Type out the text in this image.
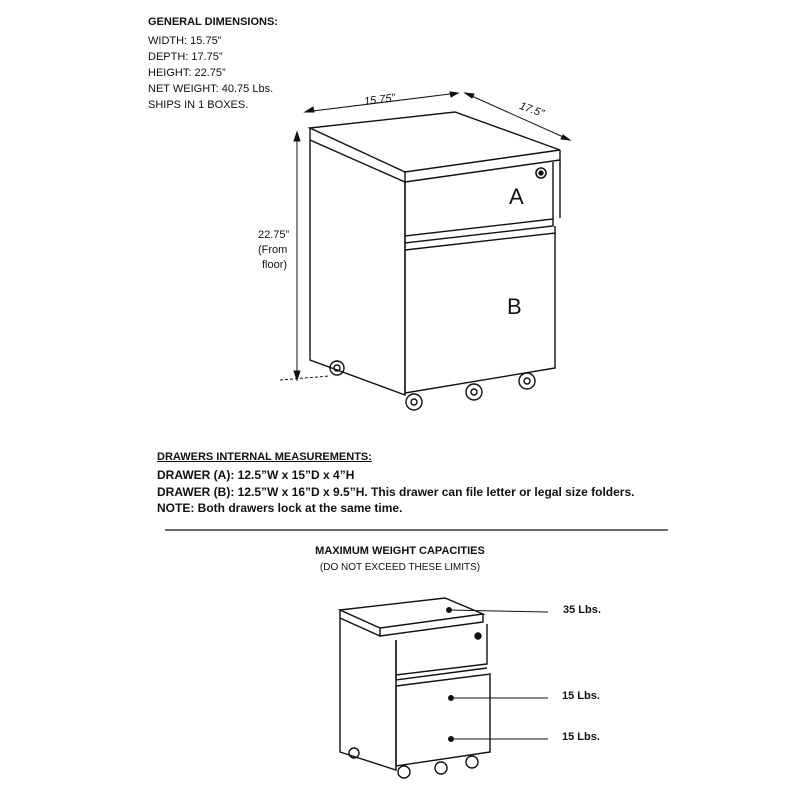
GENERAL DIMENSIONS:
WIDTH: 15.75”
DEPTH: 17.75”
HEIGHT: 22.75”
NET WEIGHT: 40.75 Lbs.
SHIPS IN 1 BOXES.	15.75”
17.5”
22.75”
(From
floor)
A
B
DRAWERS INTERNAL MEASUREMENTS:
DRAWER (A): 12.5”W x 15”D x 4”H
DRAWER (B): 12.5”W x 16”D x 9.5”H. This drawer can file letter or legal size folders.
NOTE: Both drawers lock at the same time.
MAXIMUM WEIGHT CAPACITIES
(DO NOT EXCEED THESE LIMITS)
35 Lbs.
15 Lbs.
15 Lbs.
